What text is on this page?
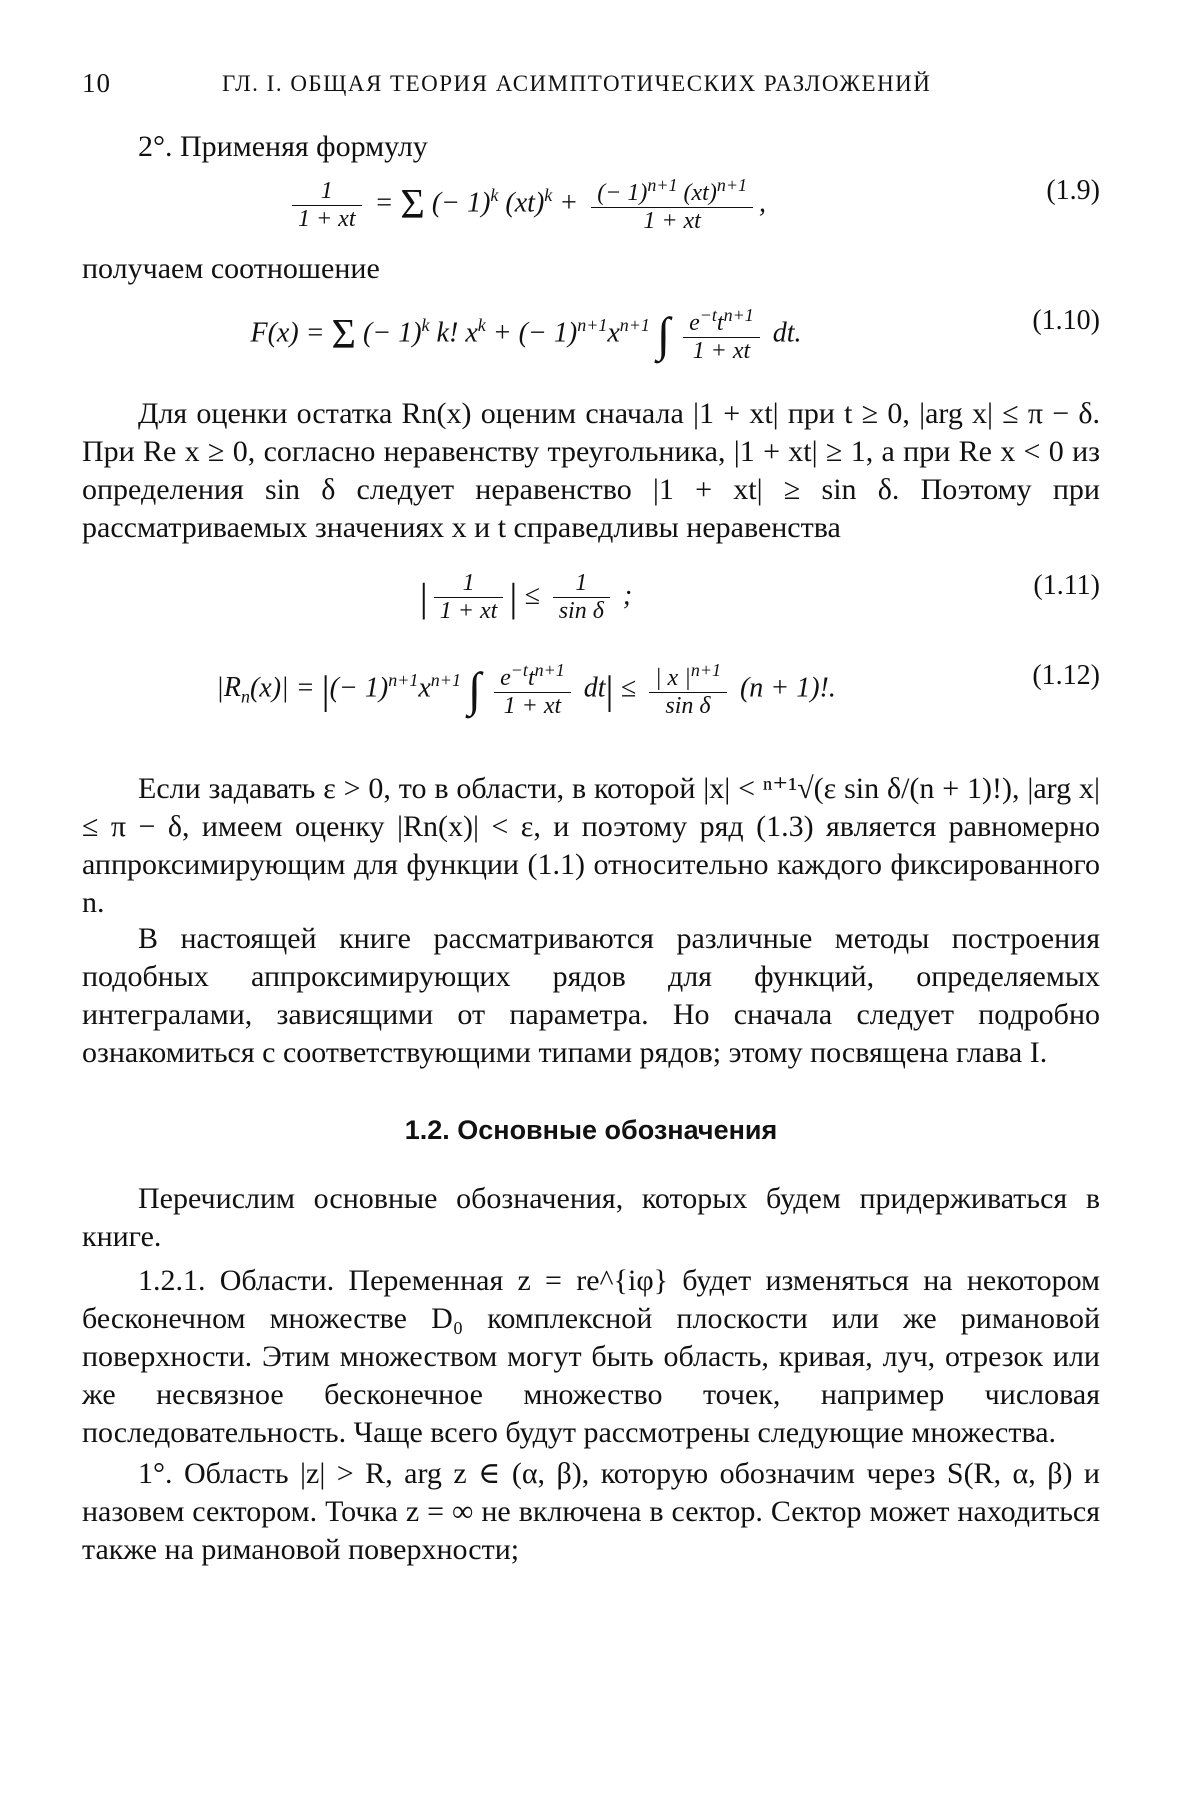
10	ГЛ. I. ОБЩАЯ ТЕОРИЯ АСИМПТОТИЧЕСКИХ РАЗЛОЖЕНИЙ
2°. Применяя формулу
$\frac{1}{1 + xt} = \Sigma$ (− 1)$^k$ $(xt)^k + \frac{(- 1)^{n+1} (xt)^{n+1}}{1 + xt}$ ,	(1.9)
получаем соотношение
F(x) = Σ (− 1)$^k$ k! $x^k$ + (− $1)^{n+1}x^{n+1}$ ∫ $\frac{e^{-t}t^{n+1}}{1 + xt}$ dt.	(1.10)
Для оценки остатка Rn(x) оценим сначала |1 + xt| при t ≥ 0, |arg x| ≤ π − δ. При Re x ≥ 0, согласно неравенству треугольника, |1 + xt| ≥ 1, а при Re x < 0 из определения sin δ следует неравенство |1 + xt| ≥ sin δ. Поэтому при рассматриваемых значениях x и t справедливы неравенства
| $\frac{1}{1 + xt}$ | ≤ $\frac{1}{\text{sin δ}}$ ;	(1.11)
$|R_n(x)|$ = |(− $1)^{n+1}x^{n+1}$ ∫ $\frac{e^{-t}t^{n+1}}{1 + xt} dt| \le \frac{| x |^{n+1}}{\text{sin δ}} (n + 1)$!.	(1.12)
Если задавать ε > 0, то в области, в которой |x| < ⁿ⁺¹√(ε sin δ/(n + 1)!), |arg x| ≤ π − δ, имеем оценку |Rn(x)| < ε, и поэтому ряд (1.3) является равномерно аппроксимирующим для функции (1.1) относительно каждого фиксированного n.
В настоящей книге рассматриваются различные методы построения подобных аппроксимирующих рядов для функций, определяемых интегралами, зависящими от параметра. Но сначала следует подробно ознакомиться с соответствующими типами рядов; этому посвящена глава I.
1.2. Основные обозначения
Перечислим основные обозначения, которых будем придерживаться в книге.
1.2.1. Области. Переменная z = re^{iφ} будет изменяться на некотором бесконечном множестве D₀ комплексной плоскости или же римановой поверхности. Этим множеством могут быть область, кривая, луч, отрезок или же несвязное бесконечное множество точек, например числовая последовательность. Чаще всего будут рассмотрены следующие множества.
1°. Область |z| > R, arg z ∈ (α, β), которую обозначим через S(R, α, β) и назовем сектором. Точка z = ∞ не включена в сектор. Сектор может находиться также на римановой поверхности;
